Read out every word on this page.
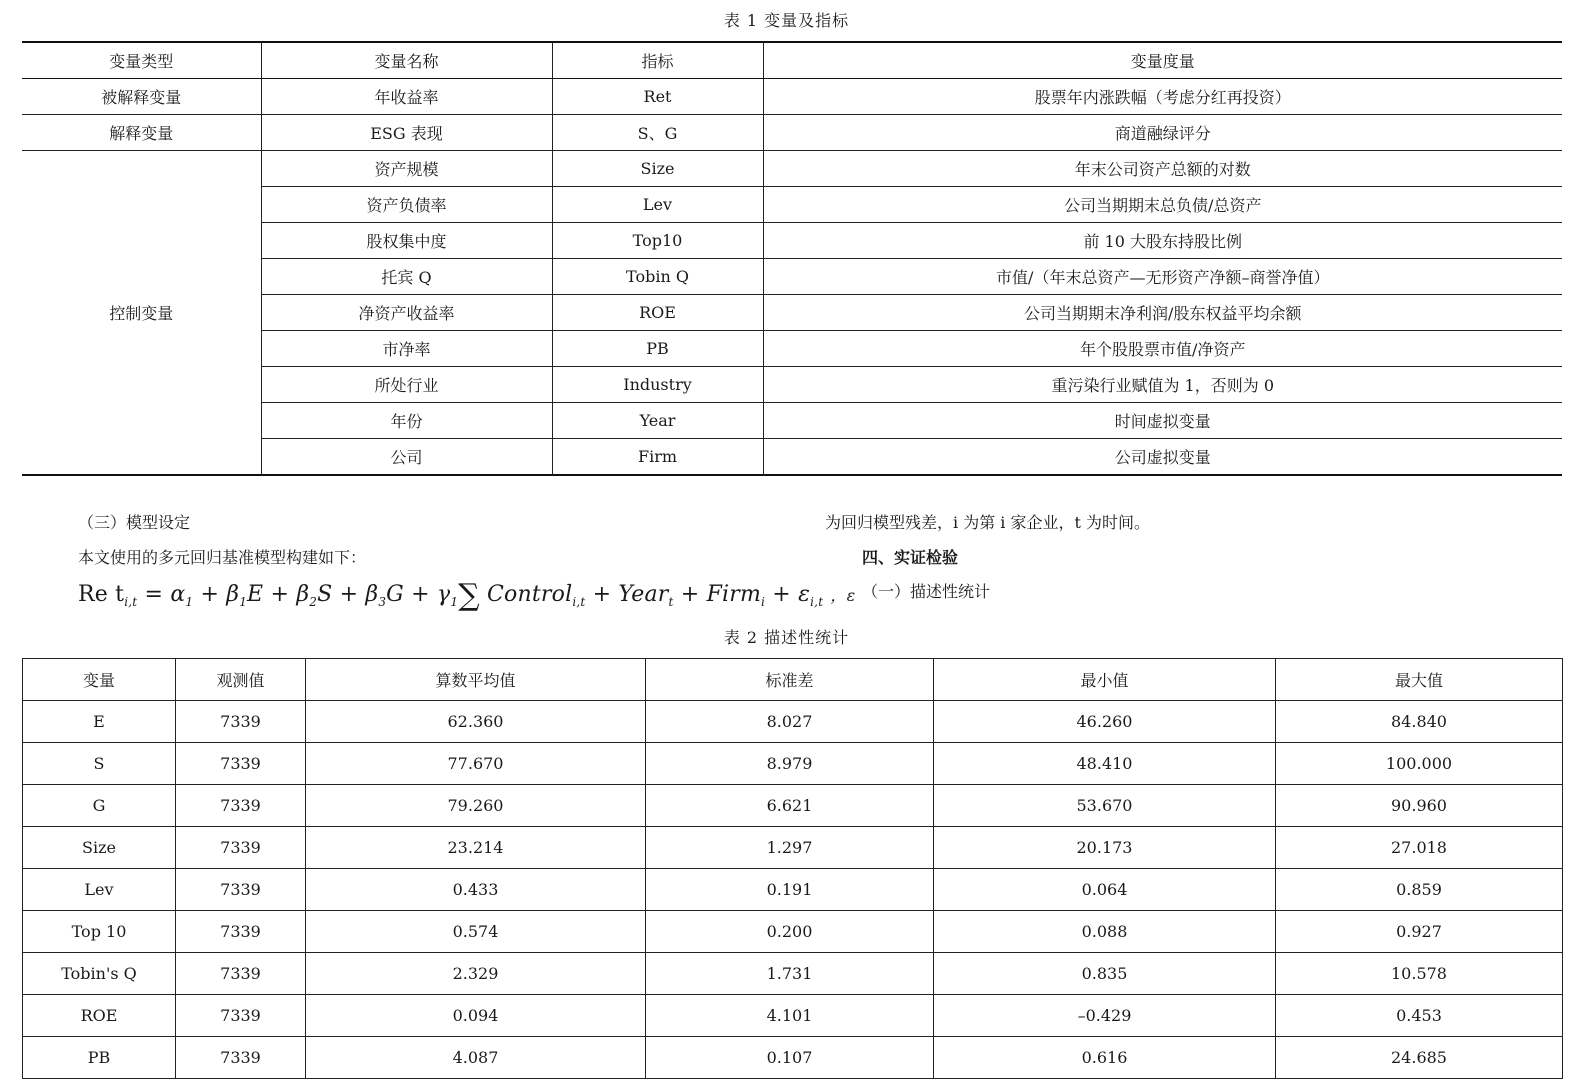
表 1 变量及指标
变量类型	变量名称	指标	变量度量
被解释变量	年收益率	Ret	股票年内涨跌幅（考虑分红再投资）
解释变量	ESG 表现	S、G	商道融绿评分
控制变量	资产规模	Size	年末公司资产总额的对数
	资产负债率	Lev	公司当期期末总负债/总资产
	股权集中度	Top10	前 10 大股东持股比例
	托宾 Q	Tobin Q	市值/（年末总资产—无形资产净额–商誉净值）
	净资产收益率	ROE	公司当期期末净利润/股东权益平均余额
	市净率	PB	年个股股票市值/净资产
	所处行业	Industry	重污染行业赋值为 1，否则为 0
	年份	Year	时间虚拟变量
	公司	Firm	公司虚拟变量
（三）模型设定
本文使用的多元回归基准模型构建如下：
为回归模型残差，i 为第 i 家企业，t 为时间。
四、实证检验
（一）描述性统计
Re $t_{i,t} = \alpha_1 + \beta_1E + \beta_2S + \beta_3G + \gamma_1\sum$ Control$_{i,t}$ + Year$_t$ + Firm$_i$ + $\varepsilon_{i,t}$ ，ε
表 2 描述性统计
变量	观测值	算数平均值	标准差	最小值	最大值
E	7339	62.360	8.027	46.260	84.840
S	7339	77.670	8.979	48.410	100.000
G	7339	79.260	6.621	53.670	90.960
Size	7339	23.214	1.297	20.173	27.018
Lev	7339	0.433	0.191	0.064	0.859
Top 10	7339	0.574	0.200	0.088	0.927
Tobin's Q	7339	2.329	1.731	0.835	10.578
ROE	7339	0.094	4.101	–0.429	0.453
PB	7339	4.087	0.107	0.616	24.685
